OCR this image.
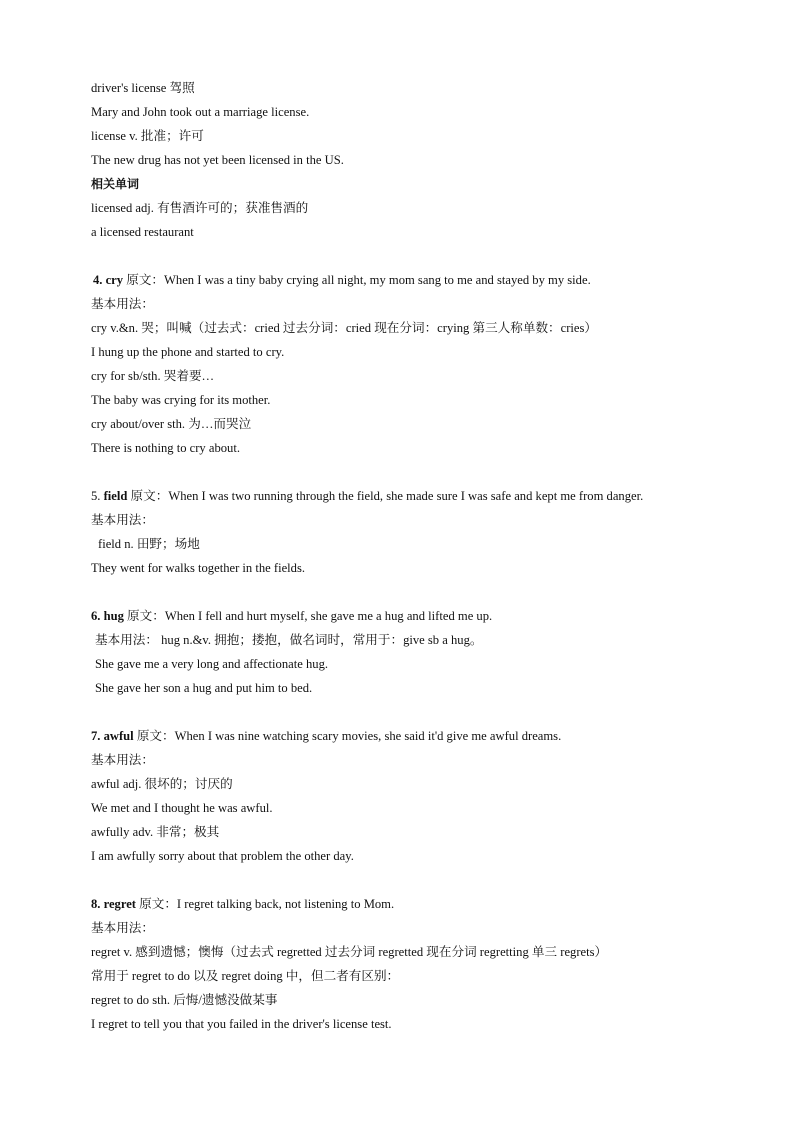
driver's license 驾照
Mary and John took out a marriage license.
license v. 批准；许可
The new drug has not yet been licensed in the US.
相关单词
licensed adj. 有售酒许可的；获准售酒的
a licensed restaurant
4. cry 原文：When I was a tiny baby crying all night, my mom sang to me and stayed by my side.
基本用法：
cry v.&n. 哭；叫喊（过去式：cried 过去分词：cried 现在分词：crying 第三人称单数：cries）
I hung up the phone and started to cry.
cry for sb/sth. 哭着要…
The baby was crying for its mother.
cry about/over sth. 为…而哭泣
There is nothing to cry about.
5. field 原文：When I was two running through the field, she made sure I was safe and kept me from danger.
基本用法：
field n. 田野；场地
They went for walks together in the fields.
6. hug 原文：When I fell and hurt myself, she gave me a hug and lifted me up.
基本用法： hug n.&v. 拥抱；搂抱，做名词时，常用于：give sb a hug。
She gave me a very long and affectionate hug.
She gave her son a hug and put him to bed.
7. awful 原文：When I was nine watching scary movies, she said it'd give me awful dreams.
基本用法：
awful adj. 很坏的；讨厌的
We met and I thought he was awful.
awfully adv. 非常；极其
I am awfully sorry about that problem the other day.
8. regret 原文：I regret talking back, not listening to Mom.
基本用法：
regret v. 感到遗憾；懊悔（过去式 regretted 过去分词 regretted 现在分词 regretting 单三 regrets）
常用于 regret to do 以及 regret doing 中，但二者有区别：
regret to do sth. 后悔/遗憾没做某事
I regret to tell you that you failed in the driver's license test.
